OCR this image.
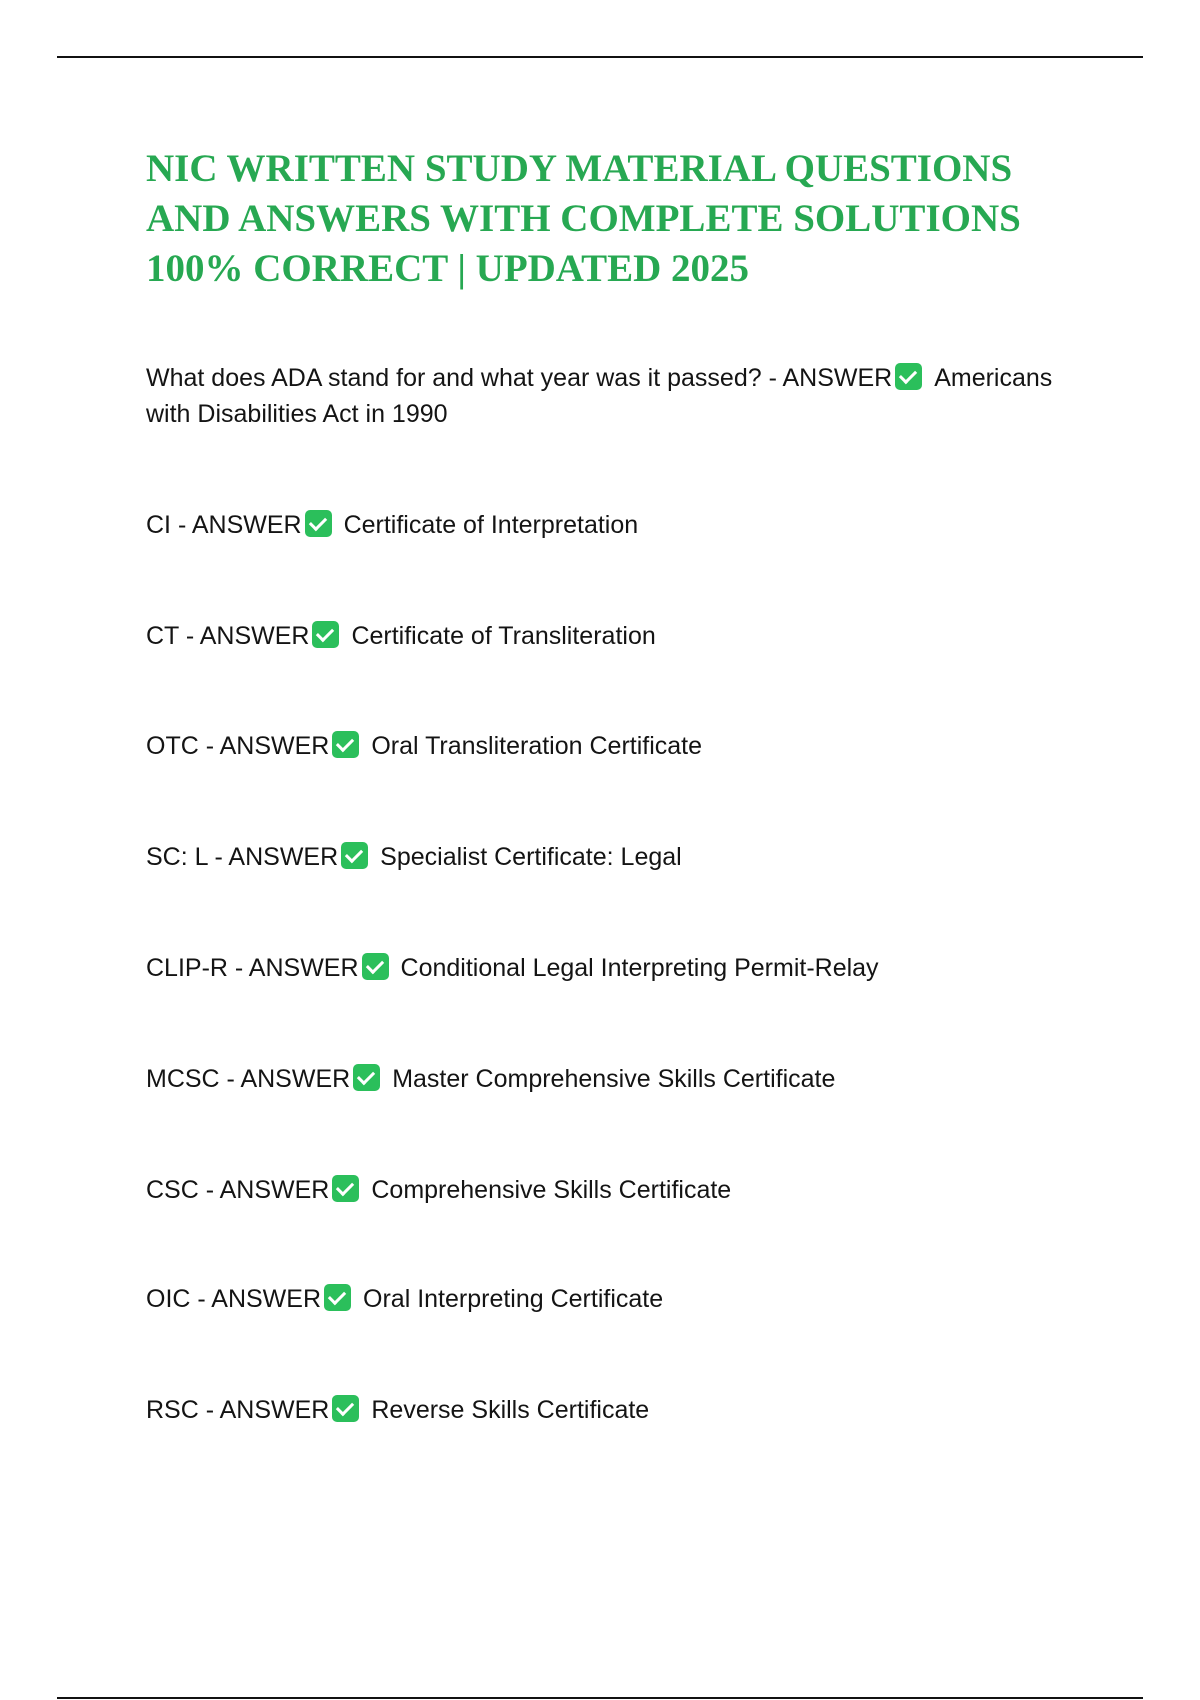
NIC WRITTEN STUDY MATERIAL QUESTIONS
AND ANSWERS WITH COMPLETE SOLUTIONS
100% CORRECT | UPDATED 2025
What does ADA stand for and what year was it passed? - ANSWER Americans
with Disabilities Act in 1990
CI - ANSWER Certificate of Interpretation
CT - ANSWER Certificate of Transliteration
OTC - ANSWER Oral Transliteration Certificate
SC: L - ANSWER Specialist Certificate: Legal
CLIP-R - ANSWER Conditional Legal Interpreting Permit-Relay
MCSC - ANSWER Master Comprehensive Skills Certificate
CSC - ANSWER Comprehensive Skills Certificate
OIC - ANSWER Oral Interpreting Certificate
RSC - ANSWER Reverse Skills Certificate
